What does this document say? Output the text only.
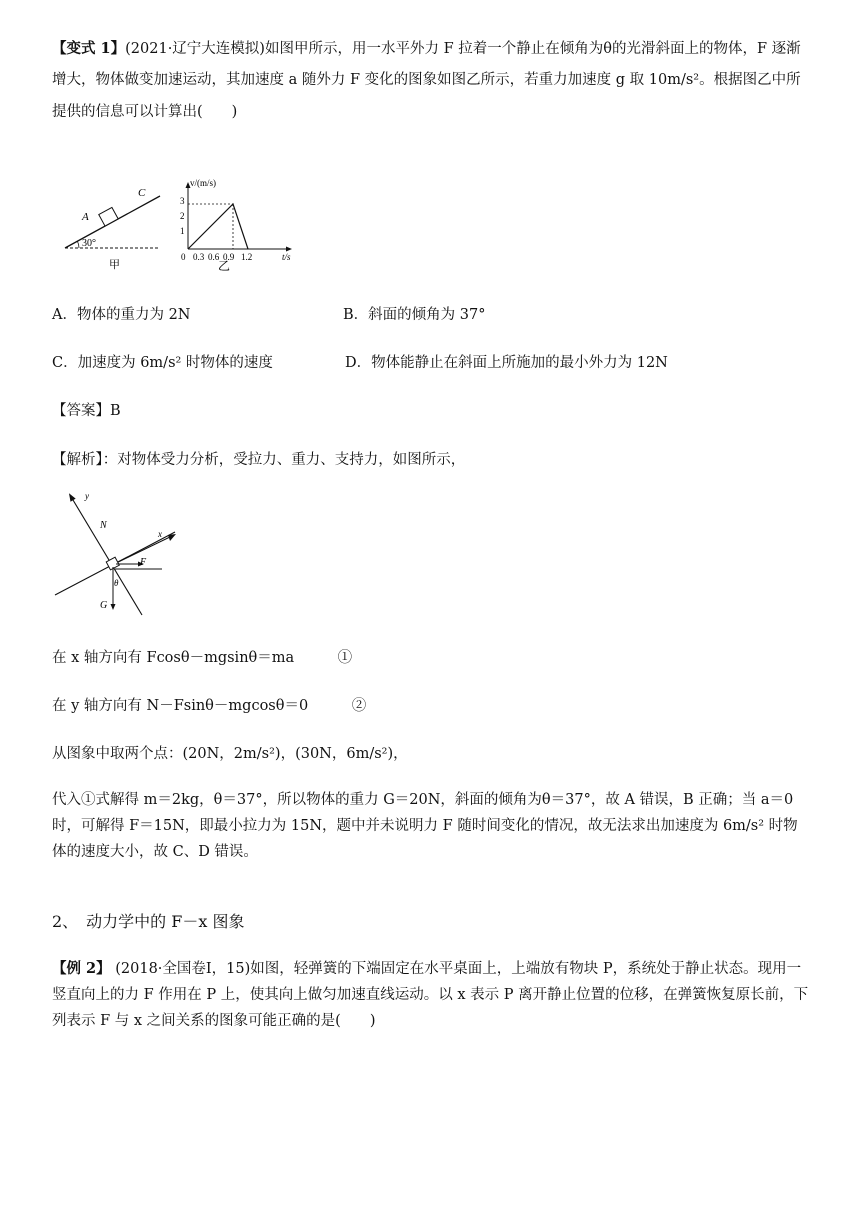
【变式 1】(2021·辽宁大连模拟)如图甲所示，用一水平外力 F 拉着一个静止在倾角为θ的光滑斜面上的物体，F 逐渐
增大，物体做变加速运动，其加速度 a 随外力 F 变化的图象如图乙所示，若重力加速度 g 取 10m/s²。根据图乙中所
提供的信息可以计算出(　　)
A
C
30°
甲
v/(m/s)
t/s
0
1
2
3
0.3 0.6 0.9 1.2
乙
A．物体的重力为 2N	B．斜面的倾角为 37°
C．加速度为 6m/s² 时物体的速度	D．物体能静止在斜面上所施加的最小外力为 12N
【答案】B
【解析】：对物体受力分析，受拉力、重力、支持力，如图所示，
y
N
x
F
θ
G
在 x 轴方向有 Fcosθ－mgsinθ＝ma　　　①
在 y 轴方向有 N－Fsinθ－mgcosθ＝0　　　②
从图象中取两个点：(20N，2m/s²)，(30N，6m/s²)，
代入①式解得 m＝2kg，θ＝37°，所以物体的重力 G＝20N，斜面的倾角为θ＝37°，故 A 错误，B 正确；当 a＝0 时，可解得 F＝15N，即最小拉力为 15N，题中并未说明力 F 随时间变化的情况，故无法求出加速度为 6m/s² 时物体的速度大小，故 C、D 错误。
2、　动力学中的 F－x 图象
【例 2】 (2018·全国卷Ⅰ，15)如图，轻弹簧的下端固定在水平桌面上，上端放有物块 P，系统处于静止状态。现用一竖直向上的力 F 作用在 P 上，使其向上做匀加速直线运动。以 x 表示 P 离开静止位置的位移，在弹簧恢复原长前，下列表示 F 与 x 之间关系的图象可能正确的是(　　)
